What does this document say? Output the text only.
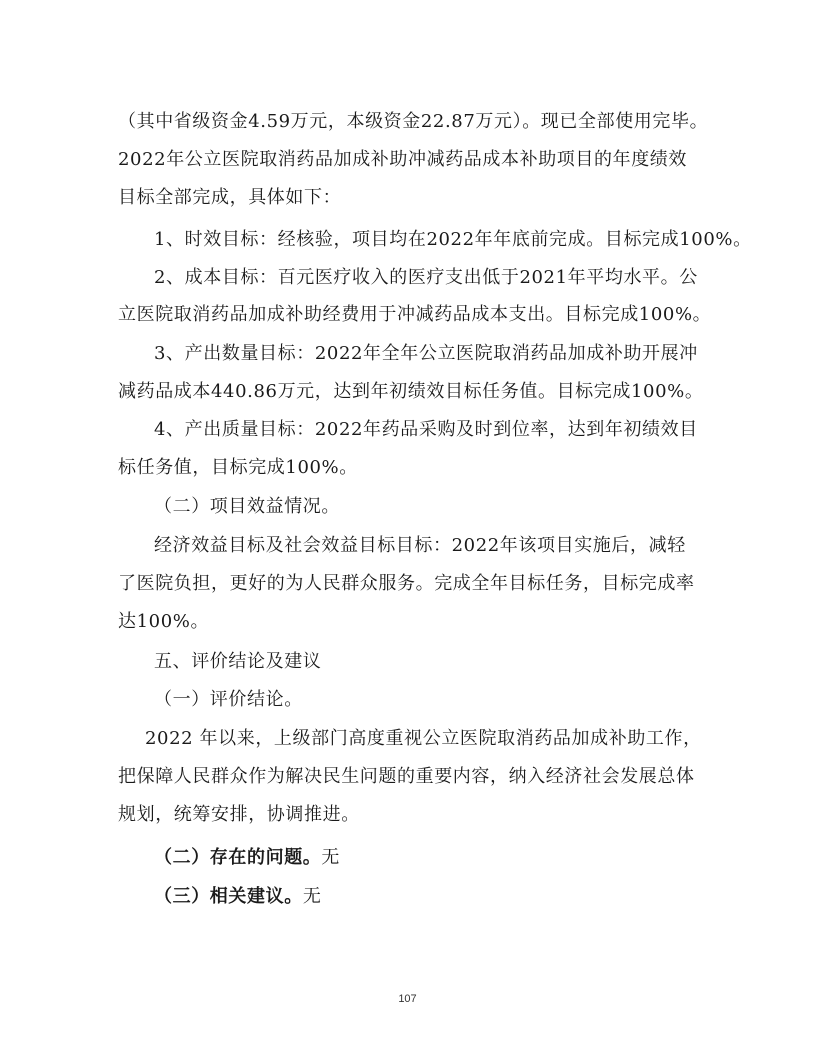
（其中省级资金4.59万元，本级资金22.87万元）。现已全部使用完毕。

2022年公立医院取消药品加成补助冲减药品成本补助项目的年度绩效

目标全部完成，具体如下：

1、时效目标：经核验，项目均在2022年年底前完成。目标完成100%。

2、成本目标：百元医疗收入的医疗支出低于2021年平均水平。公

立医院取消药品加成补助经费用于冲减药品成本支出。目标完成100%。

3、产出数量目标：2022年全年公立医院取消药品加成补助开展冲

减药品成本440.86万元，达到年初绩效目标任务值。目标完成100%。

4、产出质量目标：2022年药品采购及时到位率，达到年初绩效目

标任务值，目标完成100%。

（二）项目效益情况。

经济效益目标及社会效益目标目标：2022年该项目实施后，减轻

了医院负担，更好的为人民群众服务。完成全年目标任务，目标完成率

达100%。

五、评价结论及建议

（一）评价结论。

2022 年以来，上级部门高度重视公立医院取消药品加成补助工作，

把保障人民群众作为解决民生问题的重要内容，纳入经济社会发展总体

规划，统筹安排，协调推进。

（二）存在的问题。无

（三）相关建议。无

107
